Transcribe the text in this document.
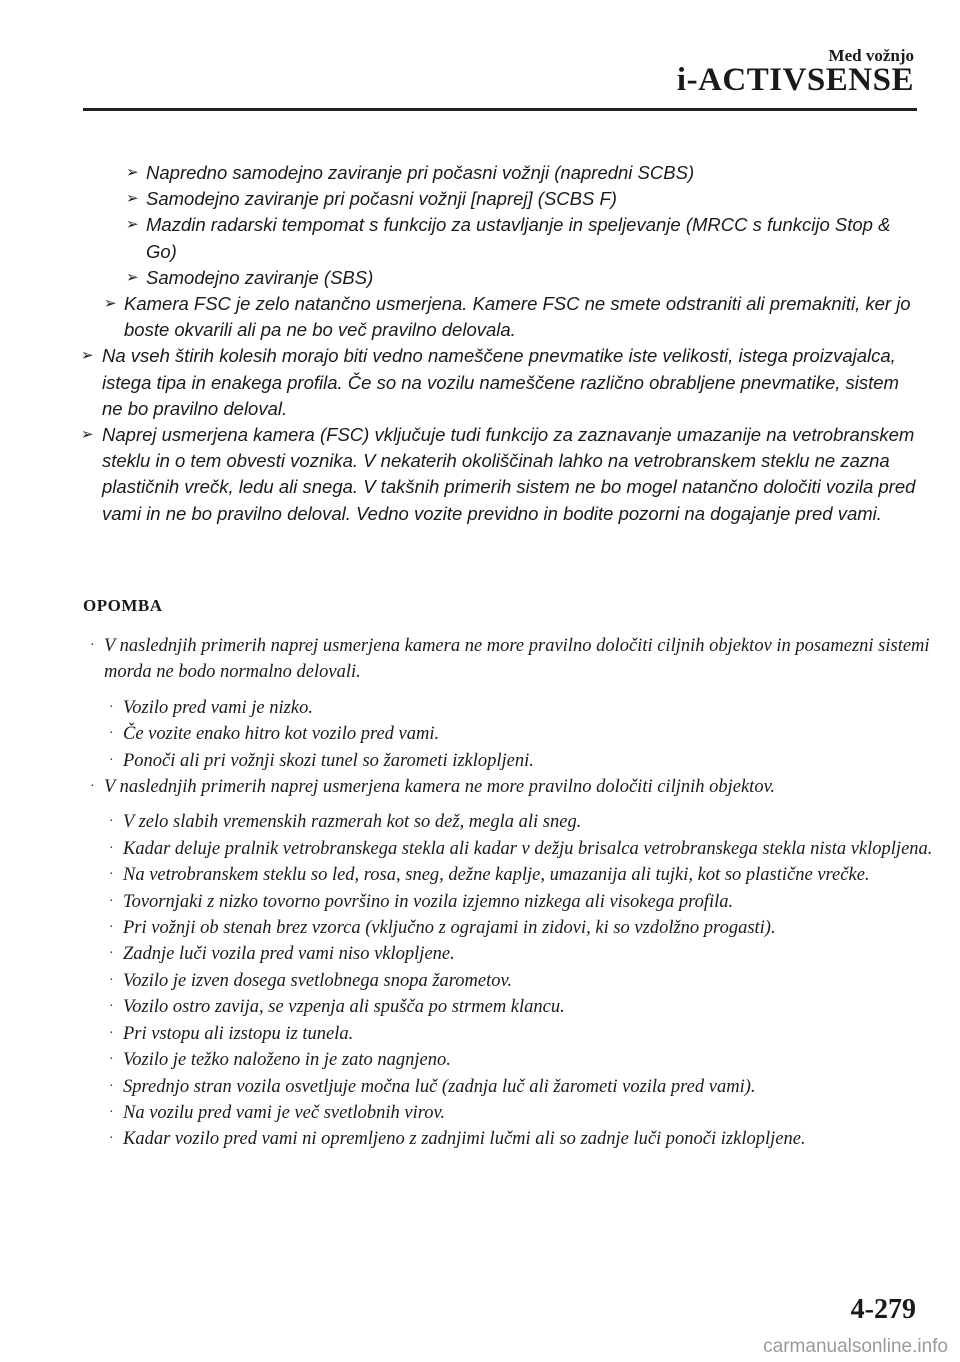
Med vožnjo
i-ACTIVSENSE
➢ Napredno samodejno zaviranje pri počasni vožnji (napredni SCBS)
➢ Samodejno zaviranje pri počasni vožnji [naprej] (SCBS F)
➢ Mazdin radarski tempomat s funkcijo za ustavljanje in speljevanje (MRCC s funkcijo Stop & Go)
➢ Samodejno zaviranje (SBS)
➢ Kamera FSC je zelo natančno usmerjena. Kamere FSC ne smete odstraniti ali premakniti, ker jo boste okvarili ali pa ne bo več pravilno delovala.
➢ Na vseh štirih kolesih morajo biti vedno nameščene pnevmatike iste velikosti, istega proizvajalca, istega tipa in enakega profila. Če so na vozilu nameščene različno obrabljene pnevmatike, sistem ne bo pravilno deloval.
➢ Naprej usmerjena kamera (FSC) vključuje tudi funkcijo za zaznavanje umazanije na vetrobranskem steklu in o tem obvesti voznika. V nekaterih okoliščinah lahko na vetrobranskem steklu ne zazna plastičnih vrečk, ledu ali snega. V takšnih primerih sistem ne bo mogel natančno določiti vozila pred vami in ne bo pravilno deloval. Vedno vozite previdno in bodite pozorni na dogajanje pred vami.
OPOMBA
· V naslednjih primerih naprej usmerjena kamera ne more pravilno določiti ciljnih objektov in posamezni sistemi morda ne bodo normalno delovali.
· Vozilo pred vami je nizko.
· Če vozite enako hitro kot vozilo pred vami.
· Ponoči ali pri vožnji skozi tunel so žarometi izklopljeni.
· V naslednjih primerih naprej usmerjena kamera ne more pravilno določiti ciljnih objektov.
· V zelo slabih vremenskih razmerah kot so dež, megla ali sneg.
· Kadar deluje pralnik vetrobranskega stekla ali kadar v dežju brisalca vetrobranskega stekla nista vklopljena.
· Na vetrobranskem steklu so led, rosa, sneg, dežne kaplje, umazanija ali tujki, kot so plastične vrečke.
· Tovornjaki z nizko tovorno površino in vozila izjemno nizkega ali visokega profila.
· Pri vožnji ob stenah brez vzorca (vključno z ograjami in zidovi, ki so vzdolžno progasti).
· Zadnje luči vozila pred vami niso vklopljene.
· Vozilo je izven dosega svetlobnega snopa žarometov.
· Vozilo ostro zavija, se vzpenja ali spušča po strmem klancu.
· Pri vstopu ali izstopu iz tunela.
· Vozilo je težko naloženo in je zato nagnjeno.
· Sprednjo stran vozila osvetljuje močna luč (zadnja luč ali žarometi vozila pred vami).
· Na vozilu pred vami je več svetlobnih virov.
· Kadar vozilo pred vami ni opremljeno z zadnjimi lučmi ali so zadnje luči ponoči izklopljene.
4-279
carmanualsonline.info
